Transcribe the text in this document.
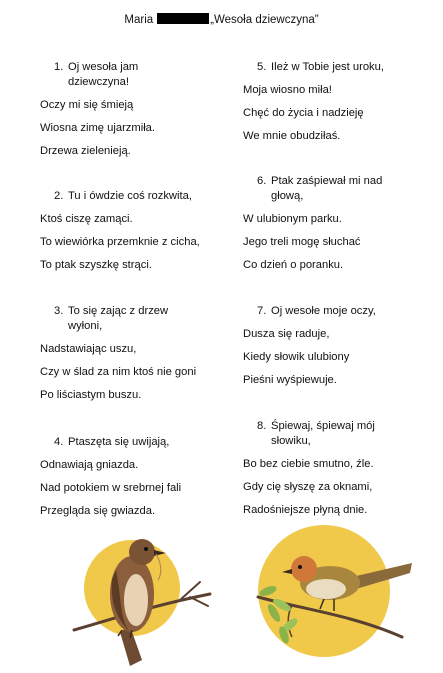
Maria	„Wesoła dziewczyna”
1. Oj wesoła jam dziewczyna!
Oczy mi się śmieją
Wiosna zimę ujarzmiła.
Drzewa zielenieją.
2. Tu i ówdzie coś rozkwita,
Ktoś ciszę zamąci.
To wiewiórka przemknie z cicha,
To ptak szyszkę strąci.
3. To się zając z drzew wyłoni,
Nadstawiając uszu,
Czy w ślad za nim ktoś nie goni
Po liściastym buszu.
4. Ptaszęta się uwijają,
Odnawiają gniazda.
Nad potokiem w srebrnej fali
Przegląda się gwiazda.
5. Ileż w Tobie jest uroku,
Moja wiosno miła!
Chęć do życia i nadzieję
We mnie obudziłaś.
6. Ptak zaśpiewał mi nad głową,
W ulubionym parku.
Jego treli mogę słuchać
Co dzień o poranku.
7. Oj wesołe moje oczy,
Dusza się raduje,
Kiedy słowik ulubiony
Pieśni wyśpiewuje.
8. Śpiewaj, śpiewaj mój słowiku,
Bo bez ciebie smutno, źle.
Gdy cię słyszę za oknami,
Radośniejsze płyną dnie.
